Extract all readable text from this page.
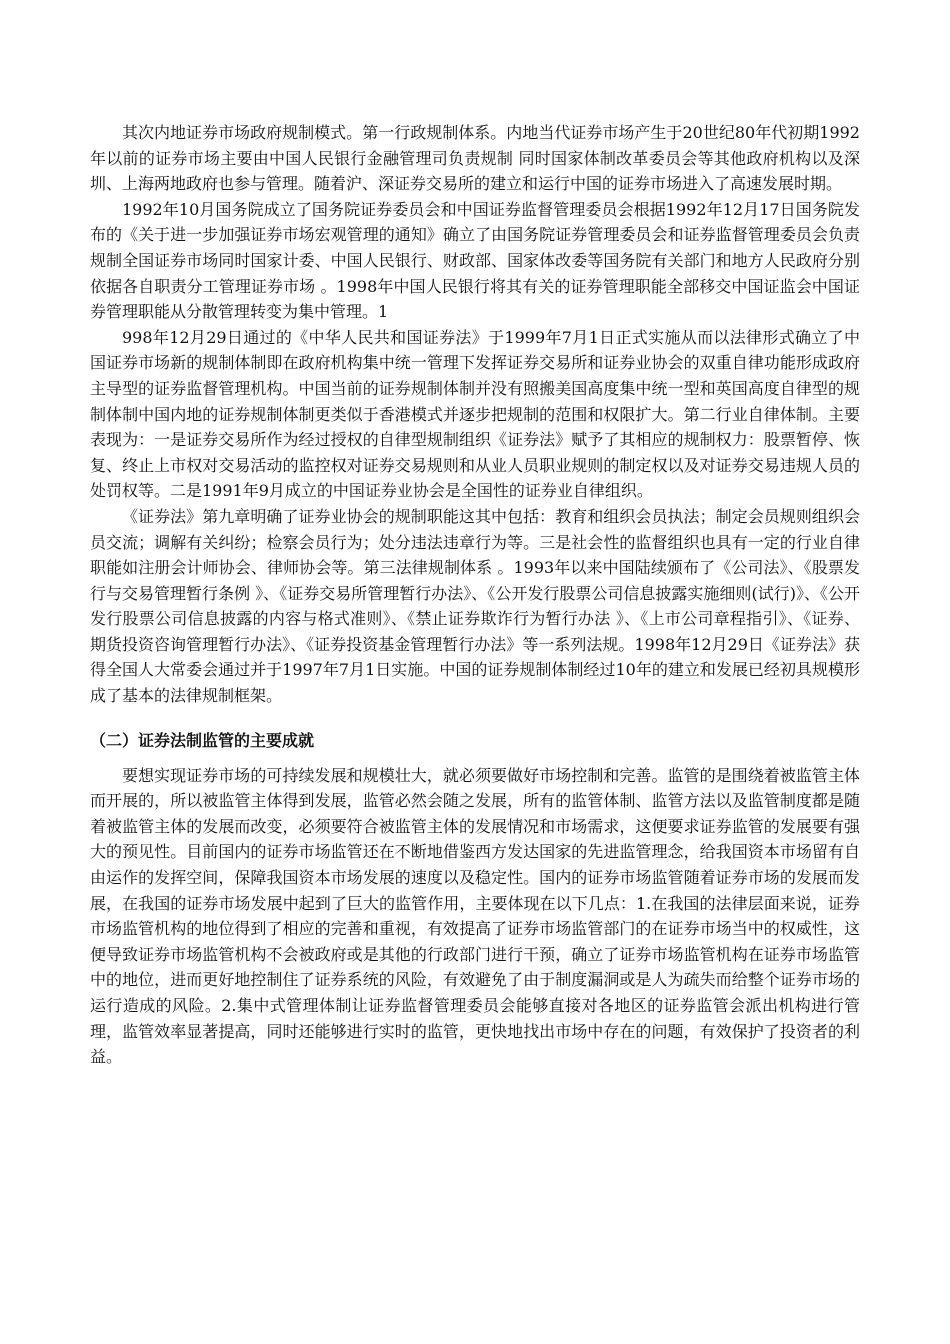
其次内地证券市场政府规制模式。第一行政规制体系。内地当代证券市场产生于20世纪80年代初期1992年以前的证券市场主要由中国人民银行金融管理司负责规制 同时国家体制改革委员会等其他政府机构以及深圳、上海两地政府也参与管理。随着沪、深证券交易所的建立和运行中国的证券市场进入了高速发展时期。

1992年10月国务院成立了国务院证券委员会和中国证券监督管理委员会根据1992年12月17日国务院发布的《关于进一步加强证券市场宏观管理的通知》确立了由国务院证券管理委员会和证券监督管理委员会负责规制全国证券市场同时国家计委、中国人民银行、财政部、国家体改委等国务院有关部门和地方人民政府分别依据各自职责分工管理证券市场 。1998年中国人民银行将其有关的证券管理职能全部移交中国证监会中国证券管理职能从分散管理转变为集中管理。1

998年12月29日通过的《中华人民共和国证券法》于1999年7月1日正式实施从而以法律形式确立了中国证券市场新的规制体制即在政府机构集中统一管理下发挥证券交易所和证券业协会的双重自律功能形成政府主导型的证券监督管理机构。中国当前的证券规制体制并没有照搬美国高度集中统一型和英国高度自律型的规制体制中国内地的证券规制体制更类似于香港模式并逐步把规制的范围和权限扩大。第二行业自律体制。主要表现为：一是证券交易所作为经过授权的自律型规制组织《证券法》赋予了其相应的规制权力：股票暂停、恢复、终止上市权对交易活动的监控权对证券交易规则和从业人员职业规则的制定权以及对证券交易违规人员的处罚权等。二是1991年9月成立的中国证券业协会是全国性的证券业自律组织。

《证券法》第九章明确了证券业协会的规制职能这其中包括：教育和组织会员执法；制定会员规则组织会员交流；调解有关纠纷；检察会员行为；处分违法违章行为等。三是社会性的监督组织也具有一定的行业自律职能如注册会计师协会、律师协会等。第三法律规制体系 。1993年以来中国陆续颁布了《公司法》、《股票发行与交易管理暂行条例 》、《证券交易所管理暂行办法》、《公开发行股票公司信息披露实施细则(试行)》、《公开发行股票公司信息披露的内容与格式准则》、《禁止证券欺诈行为暂行办法 》、《上市公司章程指引》、《证券、期货投资咨询管理暂行办法》、《证券投资基金管理暂行办法》等一系列法规。1998年12月29日《证券法》获得全国人大常委会通过并于1997年7月1日实施。中国的证券规制体制经过10年的建立和发展已经初具规模形成了基本的法律规制框架。

（二）证券法制监管的主要成就

要想实现证券市场的可持续发展和规模壮大，就必须要做好市场控制和完善。监管的是围绕着被监管主体而开展的，所以被监管主体得到发展，监管必然会随之发展，所有的监管体制、监管方法以及监管制度都是随着被监管主体的发展而改变，必须要符合被监管主体的发展情况和市场需求，这便要求证券监管的发展要有强大的预见性。目前国内的证券市场监管还在不断地借鉴西方发达国家的先进监管理念，给我国资本市场留有自由运作的发挥空间，保障我国资本市场发展的速度以及稳定性。国内的证券市场监管随着证券市场的发展而发展，在我国的证券市场发展中起到了巨大的监管作用，主要体现在以下几点：1.在我国的法律层面来说，证券市场监管机构的地位得到了相应的完善和重视，有效提高了证券市场监管部门的在证券市场当中的权威性，这便导致证券市场监管机构不会被政府或是其他的行政部门进行干预，确立了证券市场监管机构在证券市场监管中的地位，进而更好地控制住了证券系统的风险，有效避免了由于制度漏洞或是人为疏失而给整个证券市场的运行造成的风险。2.集中式管理体制让证券监督管理委员会能够直接对各地区的证券监管会派出机构进行管理，监管效率显著提高，同时还能够进行实时的监管，更快地找出市场中存在的问题，有效保护了投资者的利益。
